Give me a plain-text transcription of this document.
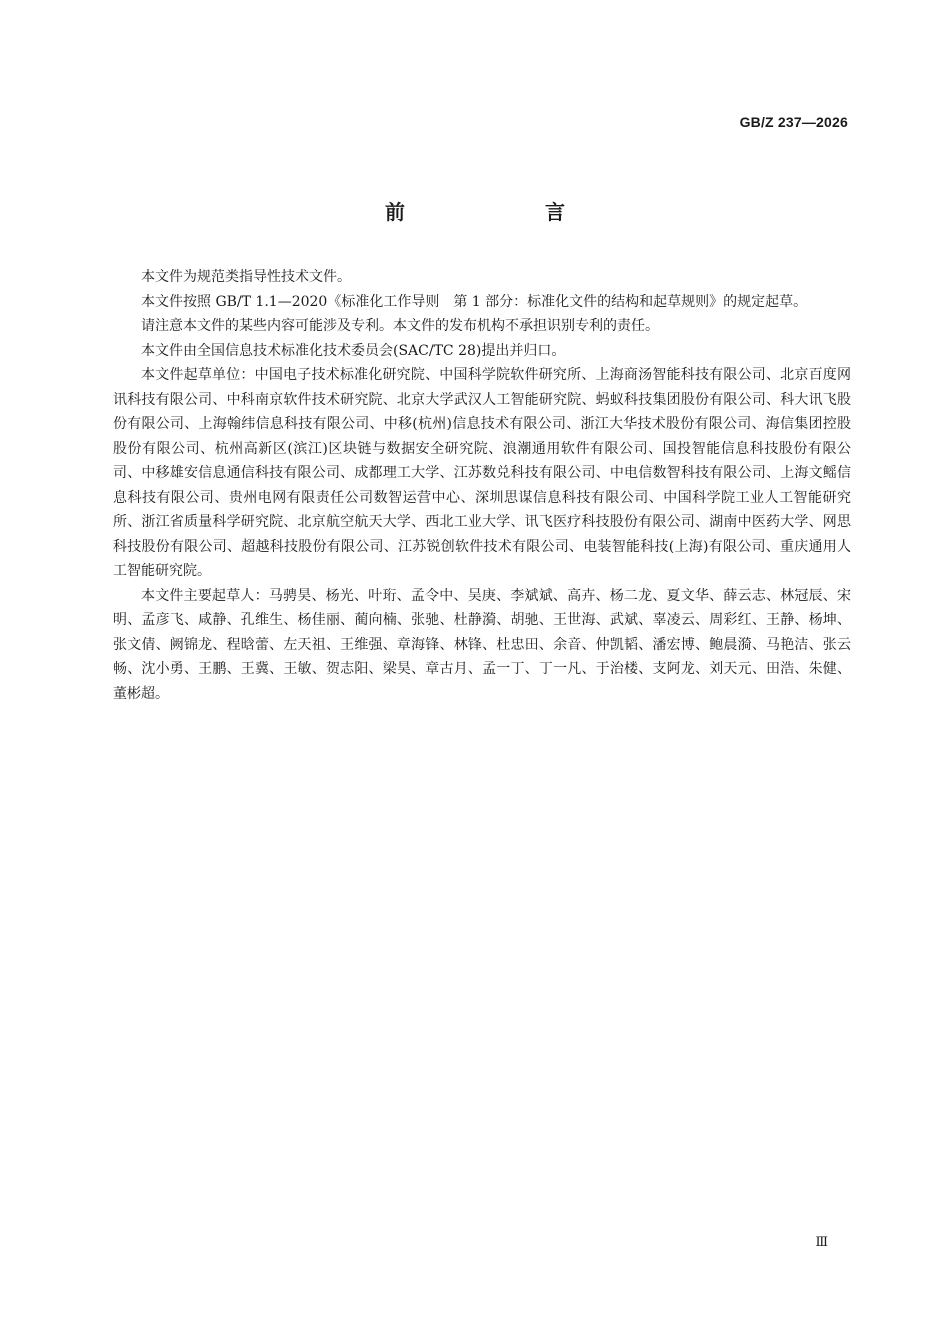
GB/Z 237—2026
前　言

本文件为规范类指导性技术文件。

本文件按照 GB/T 1.1—2020《标准化工作导则　第 1 部分：标准化文件的结构和起草规则》的规定起草。

请注意本文件的某些内容可能涉及专利。本文件的发布机构不承担识别专利的责任。

本文件由全国信息技术标准化技术委员会(SAC/TC 28)提出并归口。

本文件起草单位：中国电子技术标准化研究院、中国科学院软件研究所、上海商汤智能科技有限公司、北京百度网讯科技有限公司、中科南京软件技术研究院、北京大学武汉人工智能研究院、蚂蚁科技集团股份有限公司、科大讯飞股份有限公司、上海翰纬信息科技有限公司、中移(杭州)信息技术有限公司、浙江大华技术股份有限公司、海信集团控股股份有限公司、杭州高新区(滨江)区块链与数据安全研究院、浪潮通用软件有限公司、国投智能信息科技股份有限公司、中移雄安信息通信科技有限公司、成都理工大学、江苏数兑科技有限公司、中电信数智科技有限公司、上海文鳐信息科技有限公司、贵州电网有限责任公司数智运营中心、深圳思谋信息科技有限公司、中国科学院工业人工智能研究所、浙江省质量科学研究院、北京航空航天大学、西北工业大学、讯飞医疗科技股份有限公司、湖南中医药大学、网思科技股份有限公司、超越科技股份有限公司、江苏锐创软件技术有限公司、电装智能科技(上海)有限公司、重庆通用人工智能研究院。

本文件主要起草人：马骋昊、杨光、叶珩、孟令中、吴庚、李斌斌、高卉、杨二龙、夏文华、薛云志、林冠辰、宋明、孟彦飞、咸静、孔维生、杨佳丽、蔺向楠、张驰、杜静漪、胡驰、王世海、武斌、辜凌云、周彩红、王静、杨坤、张文倩、阙锦龙、程晗蕾、左天祖、王维强、章海锋、林锋、杜忠田、余音、仲凯韬、潘宏博、鲍晨漪、马艳洁、张云畅、沈小勇、王鹏、王冀、王敏、贺志阳、梁昊、章古月、孟一丁、丁一凡、于治楼、支阿龙、刘天元、田浩、朱健、董彬超。

Ⅲ
